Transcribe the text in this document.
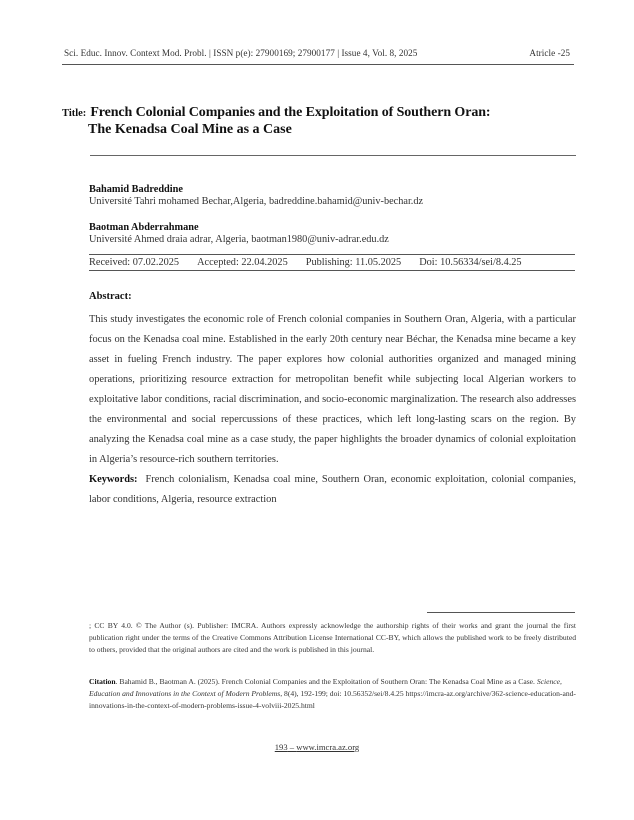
Sci. Educ. Innov. Context Mod. Probl. | ISSN p(e): 27900169; 27900177 | Issue 4, Vol. 8, 2025	Atricle -25
Title: French Colonial Companies and the Exploitation of Southern Oran:
The Kenadsa Coal Mine as a Case
Bahamid Badreddine
Université Tahri mohamed Bechar,Algeria, badreddine.bahamid@univ-bechar.dz
Baotman Abderrahmane
Université Ahmed draia adrar, Algeria, baotman1980@univ-adrar.edu.dz
Received: 07.02.2025 Accepted: 22.04.2025 Publishing: 11.05.2025 Doi: 10.56334/sei/8.4.25
Abstract:

This study investigates the economic role of French colonial companies in Southern Oran, Algeria, with a particular focus on the Kenadsa coal mine. Established in the early 20th century near Béchar, the Kenadsa mine became a key asset in fueling French industry. The paper explores how colonial authorities organized and managed mining operations, prioritizing resource extraction for metropolitan benefit while subjecting local Algerian workers to exploitative labor conditions, racial discrimination, and socio-economic marginalization. The research also addresses the environmental and social repercussions of these practices, which left long-lasting scars on the region. By analyzing the Kenadsa coal mine as a case study, the paper highlights the broader dynamics of colonial exploitation in Algeria’s resource-rich southern territories.

Keywords: French colonialism, Kenadsa coal mine, Southern Oran, economic exploitation, colonial companies, labor conditions, Algeria, resource extraction

; CC BY 4.0. © The Author (s). Publisher: IMCRA. Authors expressly acknowledge the authorship rights of their works and grant the journal the first publication right under the terms of the Creative Commons Attribution License International CC-BY, which allows the published work to be freely distributed to others, provided that the original authors are cited and the work is published in this journal.

Citation. Bahamid B., Baotman A. (2025). French Colonial Companies and the Exploitation of Southern Oran: The Kenadsa Coal Mine as a Case. Science, Education and Innovations in the Context of Modern Problems, 8(4), 192-199; doi: 10.56352/sei/8.4.25 https://imcra-az.org/archive/362-science-education-and-innovations-in-the-context-of-modern-problems-issue-4-volviii-2025.html

193 – www.imcra.az.org
